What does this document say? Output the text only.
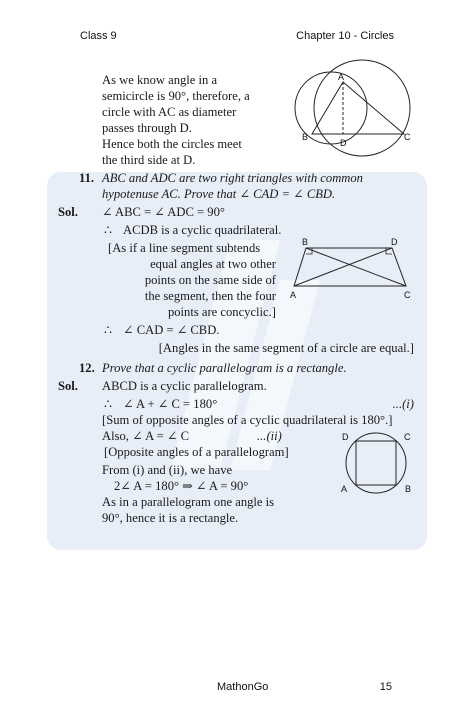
Class 9	Chapter 10 - Circles
As we know angle in a
semicircle is 90°, therefore, a
circle with AC as diameter
passes through D.
Hence both the circles meet
the third side at D.
A
B
D
C
11. ABC and ADC are two right triangles with common
hypotenuse AC. Prove that ∠ CAD = ∠ CBD.
Sol. ∠ ABC = ∠ ADC = 90°
∴ ACDB is a cyclic quadrilateral.
[As if a line segment subtends
equal angles at two other
points on the same side of
the segment, then the four
points are concyclic.]
B	D
A	C
∴ ∠ CAD = ∠ CBD.
[Angles in the same segment of a circle are equal.]
12. Prove that a cyclic parallelogram is a rectangle.
Sol. ABCD is a cyclic parallelogram.
∴ ∠ A + ∠ C = 180°	...(i)
[Sum of opposite angles of a cyclic quadrilateral is 180°.]
Also, ∠ A = ∠ C	...(ii)
[Opposite angles of a parallelogram]
From (i) and (ii), we have
2∠ A = 180° ⇒ ∠ A = 90°
As in a parallelogram one angle is
90°, hence it is a rectangle.
D	C
A	B
MathonGo	15
